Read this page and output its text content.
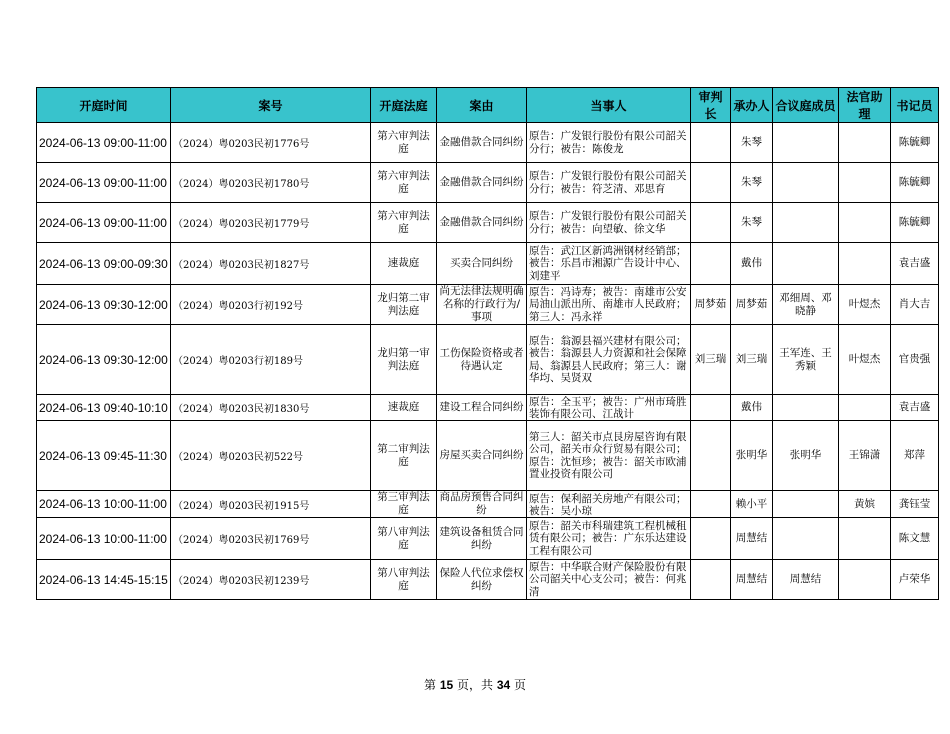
开庭时间	案号	开庭法庭	案由	当事人	审判长	承办人	合议庭成员	法官助理	书记员
2024-06-13 09:00-11:00	（2024）粤0203民初1776号	第六审判法庭	金融借款合同纠纷	原告：广发银行股份有限公司韶关分行；被告：陈俊龙		朱琴			陈毓卿
2024-06-13 09:00-11:00	（2024）粤0203民初1780号	第六审判法庭	金融借款合同纠纷	原告：广发银行股份有限公司韶关分行；被告：符芝清、邓思育		朱琴			陈毓卿
2024-06-13 09:00-11:00	（2024）粤0203民初1779号	第六审判法庭	金融借款合同纠纷	原告：广发银行股份有限公司韶关分行；被告：向望敏、徐文华		朱琴			陈毓卿
2024-06-13 09:00-09:30	（2024）粤0203民初1827号	速裁庭	买卖合同纠纷	原告：武江区新鸿洲钢材经销部；被告：乐昌市湘源广告设计中心、刘建平		戴伟			袁吉盛
2024-06-13 09:30-12:00	（2024）粤0203行初192号	龙归第二审判法庭	尚无法律法规明确名称的行政行为/事项	原告：冯诗寿；被告：南雄市公安局油山派出所、南雄市人民政府；第三人：冯永祥	周梦茹	周梦茹	邓细周、邓晓静	叶煜杰	肖大吉
2024-06-13 09:30-12:00	（2024）粤0203行初189号	龙归第一审判法庭	工伤保险资格或者待遇认定	原告：翁源县福兴建材有限公司；被告：翁源县人力资源和社会保障局、翁源县人民政府；第三人：谢华均、吴贤双	刘三瑞	刘三瑞	王军连、王秀颖	叶煜杰	官贵强
2024-06-13 09:40-10:10	（2024）粤0203民初1830号	速裁庭	建设工程合同纠纷	原告：全玉平；被告：广州市琦胜装饰有限公司、江战计		戴伟			袁吉盛
2024-06-13 09:45-11:30	（2024）粤0203民初522号	第二审判法庭	房屋买卖合同纠纷	第三人：韶关市点艮房屋咨询有限公司，韶关市众行贸易有限公司；原告：沈恒珍；被告：韶关市欧浦置业投资有限公司		张明华	张明华	王锦潇	郑萍
2024-06-13 10:00-11:00	（2024）粤0203民初1915号	第三审判法庭	商品房预售合同纠纷	原告：保利韶关房地产有限公司；被告：吴小琼		赖小平		黄嫔	龚钰莹
2024-06-13 10:00-11:00	（2024）粤0203民初1769号	第八审判法庭	建筑设备租赁合同纠纷	原告：韶关市科瑞建筑工程机械租赁有限公司；被告：广东乐达建设工程有限公司		周慧结			陈文慧
2024-06-13 14:45-15:15	（2024）粤0203民初1239号	第八审判法庭	保险人代位求偿权纠纷	原告：中华联合财产保险股份有限公司韶关中心支公司；被告：何兆清		周慧结	周慧结		卢荣华
第 15 页，共 34 页
